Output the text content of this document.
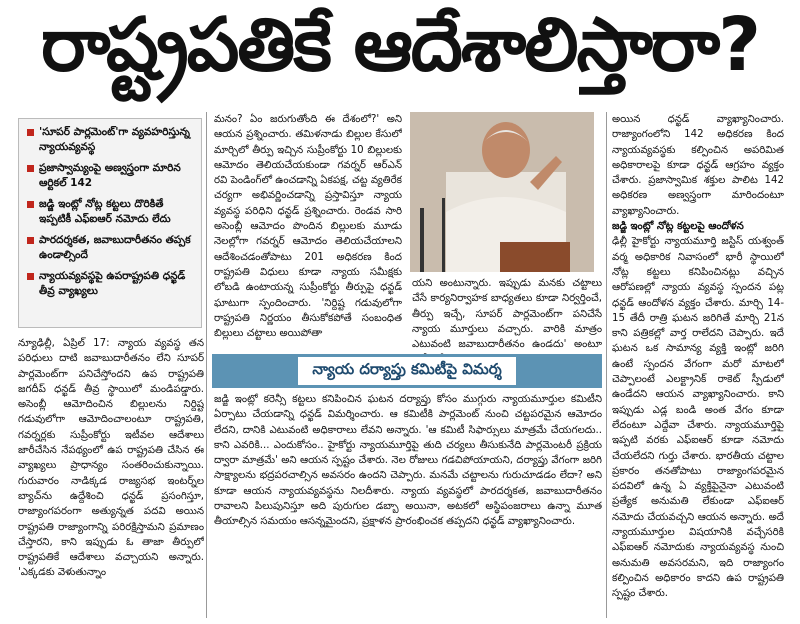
రాష్ట్రపతికే ఆదేశాలిస్తారా?
'సూపర్ పార్లమెంట్'గా వ్యవహరిస్తున్న న్యాయవ్యవస్థ
ప్రజాస్వామ్యంపై అణ్వస్త్రంగా మారిన ఆర్టికల్ 142
జడ్జి ఇంట్లో నోట్ల కట్టలు దొరికితే ఇప్పటికీ ఎఫ్ఐఆర్ నమోదు లేదు
పారదర్శకత, జవాబుదారీతనం తప్పక ఉండాల్సిందే
న్యాయవ్యవస్థపై ఉపరాష్ట్రపతి ధన్ఖడ్ తీవ్ర వ్యాఖ్యలు

న్యూఢిల్లీ, ఏప్రిల్ 17: న్యాయ వ్యవస్థ తన పరిధులు దాటి జవాబుదారీతనం లేని సూపర్ పార్లమెంట్‌గా పనిచేస్తోందని ఉప రాష్ట్రపతి జగదీప్ ధన్ఖడ్ తీవ్ర స్థాయిలో మండిపడ్డారు. అసెంబ్లీ ఆమోదించిన బిల్లులను నిర్దిష్ట గడువులోగా ఆమోదించాలంటూ రాష్ట్రపతి, గవర్నర్లకు సుప్రీంకోర్టు ఇటీవల ఆదేశాలు జారీచేసిన నేపథ్యంలో ఉప రాష్ట్రపతి చేసిన ఈ వ్యాఖ్యలు ప్రాధాన్యం సంతరించుకున్నాయి. గురువారం నాడిక్కడ రాజ్యసభ ఇంటర్న్‌ల బ్యాచ్‌ను ఉద్దేశించి ధన్ఖడ్ ప్రసంగిస్తూ, రాజ్యాంగపరంగా అత్యున్నత పదవి అయిన రాష్ట్రపతి రాజ్యాంగాన్ని పరిరక్షిస్తామని ప్రమాణం చేస్తారని, కాని ఇప్పుడు ఓ తాజా తీర్పులో రాష్ట్రపతికే ఆదేశాలు వచ్చాయని అన్నారు. 'ఎక్కడకు వెళుతున్నాం

మనం? ఏం జరుగుతోంది ఈ దేశంలో?' అని ఆయన ప్రశ్నించారు. తమిళనాడు బిల్లుల కేసులో మార్చిలో తీర్పు ఇచ్చిన సుప్రీంకోర్టు 10 బిల్లులకు ఆమోదం తెలియచేయకుండా గవర్నర్ ఆర్ఎన్ రవి పెండింగ్‌లో ఉంచడాన్ని ఏకపక్ష, చట్ట వ్యతిరేక చర్యగా అభివర్ణించడాన్ని ప్రస్తావిస్తూ న్యాయ వ్యవస్థ పరిధిని ధన్ఖడ్ ప్రశ్నించారు. రెండవ సారి అసెంబ్లీ ఆమోదం పొందిన బిల్లులకు మూడు నెలల్లోగా గవర్నర్ ఆమోదం తెలియచేయాలని ఆదేశించడంతోపాటు 201 అధికరణ కింద రాష్ట్రపతి విధులు కూడా న్యాయ సమీక్షకు లోబడి ఉంటాయన్న సుప్రీంకోర్టు తీర్పుపై ధన్ఖడ్ ఘాటుగా స్పందించారు. 'నిర్దిష్ట గడువులోగా రాష్ట్రపతి నిర్ణయం తీసుకోకపోతే సంబంధిత బిల్లులు చట్టాలు అయిపోతా

యని అంటున్నారు. ఇప్పుడు మనకు చట్టాలు చేసే కార్యనిర్వాహక బాధ్యతలు కూడా నిర్వర్తించే, తీర్పు ఇచ్చే, సూపర్ పార్లమెంట్‌గా పనిచేసే న్యాయ మూర్తులు వచ్చారు. వారికి మాత్రం ఎటువంటి జవాబుదారీతనం ఉండదు' అంటూ

అయిన ధన్ఖడ్ వ్యాఖ్యానించారు. రాజ్యాంగంలోని 142 అధికరణ కింద న్యాయవ్యవస్థకు కల్పించిన అపరిమిత అధికారాలపై కూడా ధన్ఖడ్ ఆగ్రహం వ్యక్తం చేశారు. ప్రజాస్వామిక శక్తుల పాలిట 142 అధికరణ అణ్వస్త్రంగా మారిందంటూ వ్యాఖ్యానించారు.

జడ్జి ఇంట్లో నోట్ల కట్టలపై ఆందోళన

ఢిల్లీ హైకోర్టు న్యాయమూర్తి జస్టిస్ యశ్వంత్ వర్మ అధికారిక నివాసంలో భారీ స్థాయిలో నోట్ల కట్టలు కనిపించినట్లు వచ్చిన ఆరోపణల్లో న్యాయ వ్యవస్థ స్పందన పట్ల ధన్ఖడ్ ఆందోళన వ్యక్తం చేశారు. మార్చి 14-15 తేదీ రాత్రి ఘటన జరిగితే మార్చి 21న కాని పత్రికల్లో వార్త రాలేదని చెప్పారు. ఇదే ఘటన ఒక సామాన్య వ్యక్తి ఇంట్లో జరిగి ఉంటే స్పందన వేగంగా మరో మాటలో చెప్పాలంటే ఎలక్ట్రానిక్ రాకెట్ స్పీడులో ఉండేదని ఆయన వ్యాఖ్యానించారు. కాని ఇప్పుడు ఎడ్ల బండి అంత వేగం కూడా లేదంటూ ఎద్దేవా చేశారు. న్యాయమూర్తిపై ఇప్పటి వరకు ఎఫ్ఐఆర్ కూడా నమోదు చేయలేదని గుర్తు చేశారు. భారతీయ చట్టాల ప్రకారం తనతోపాటు రాజ్యాంగపరమైన పదవిలో ఉన్న ఏ వ్యక్తిపైనైనా ఎటువంటి ప్రత్యేక అనుమతి లేకుండా ఎఫ్ఐఆర్ నమోదు చేయవచ్చని ఆయన అన్నారు. అదే న్యాయమూర్తుల విషయానికి వచ్చేసరికి ఎఫ్ఐఆర్ నమోదుకు న్యాయవ్యవస్థ నుంచి అనుమతి అవసరమని, ఇది రాజ్యాంగం కల్పించిన అధికారం కాదని ఉప రాష్ట్రపతి స్పష్టం చేశారు.

న్యాయ దర్యాప్తు కమిటీపై విమర్శ

జడ్జి ఇంట్లో కరెన్సీ కట్టలు కనిపించిన ఘటన దర్యాప్తు కోసం ముగ్గురు న్యాయమూర్తుల కమిటీని ఏర్పాటు చేయడాన్ని ధన్ఖడ్ విమర్శించారు. ఆ కమిటీకి పార్లమెంట్ నుంచి చట్టపరమైన ఆమోదం లేదని, దానికి ఎటువంటి అధికారాలు లేవని అన్నారు. 'ఆ కమిటీ సిఫార్సులు మాత్రమే చేయగలదు.. కాని ఎవరికి... ఎందుకోసం.. హైకోర్టు న్యాయమూర్తిపై తుది చర్యలు తీసుకునేది పార్లమెంటరీ ప్రక్రియ ద్వారా మాత్రమే' అని ఆయన స్పష్టం చేశారు. నెల రోజులు గడచిపోయాయని, దర్యాప్తు వేగంగా జరిగి సాక్ష్యాలను భద్రపరచాల్సిన అవసరం ఉందని చెప్పారు. మనమే చట్టాలను గురుచూడడం లేదా? అని కూడా ఆయన న్యాయవ్యవస్థను నిలదీశారు. న్యాయ వ్యవస్థలో పారదర్శకత, జవాబుదారీతనం రావాలని పిలుపునిస్తూ అది పురుగుల డబ్బా అయినా, అటకలో అస్థిపంజరాలు ఉన్నా మూత తీయాల్సిన సమయం ఆసన్నమైందని, ప్రక్షాళన ప్రారంభించక తప్పదని ధన్ఖడ్ వ్యాఖ్యానించారు.
